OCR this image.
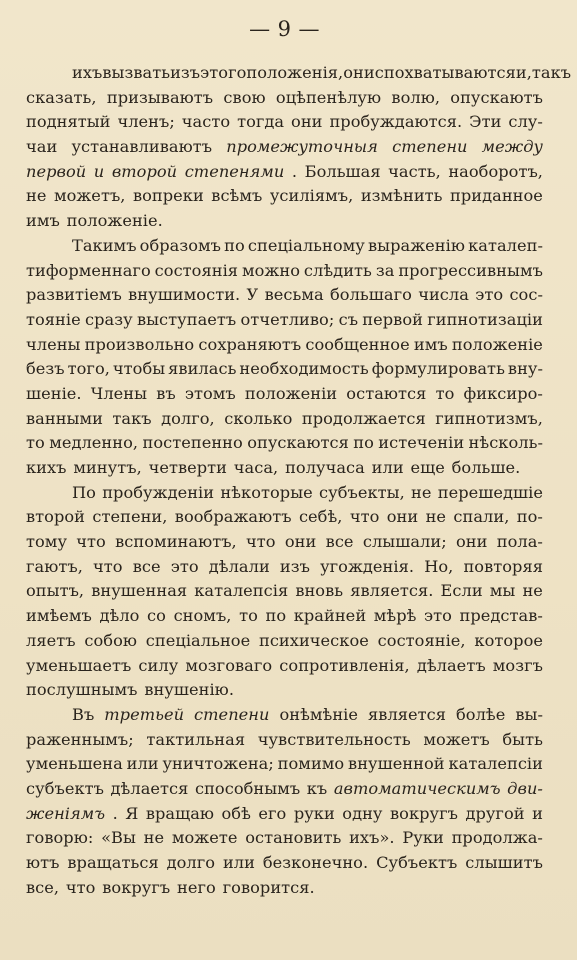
— 9 —
ихъ вызвать изъ этого положенія, они спохватываются и, такъ
сказать, призываютъ свою оцѣпенѣлую волю, опускаютъ
поднятый членъ; часто тогда они пробуждаются. Эти слу-
чаи устанавливаютъ промежуточныя степени между
первой и второй степенями . Большая часть, наоборотъ,
не можетъ, вопреки всѣмъ усиліямъ, измѣнить приданное
имъ положеніе.
Такимъ образомъ по спеціальному выраженію каталеп-
тиформеннаго состоянія можно слѣдить за прогрессивнымъ
развитіемъ внушимости. У весьма большаго числа это сос-
тояніе сразу выступаетъ отчетливо; съ первой гипнотизаціи
члены произвольно сохраняютъ сообщенное имъ положеніе
безъ того, чтобы явилась необходимость формулировать вну-
шеніе. Члены въ этомъ положеніи остаются то фиксиро-
ванными такъ долго, сколько продолжается гипнотизмъ,
то медленно, постепенно опускаются по истеченіи нѣсколь-
кихъ минутъ, четверти часа, получаса или еще больше.
По пробужденіи нѣкоторые субъекты, не перешедшіе
второй степени, воображаютъ себѣ, что они не спали, по-
тому что вспоминаютъ, что они все слышали; они пола-
гаютъ, что все это дѣлали изъ угожденія. Но, повторяя
опытъ, внушенная каталепсія вновь является. Если мы не
имѣемъ дѣло со сномъ, то по крайней мѣрѣ это представ-
ляетъ собою спеціальное психическое состояніе, которое
уменьшаетъ силу мозговаго сопротивленія, дѣлаетъ мозгъ
послушнымъ внушенію.
Въ третьей степени онѣмѣніе является болѣе вы-
раженнымъ; тактильная чувствительность можетъ быть
уменьшена или уничтожена; помимо внушенной каталепсіи
субъектъ дѣлается способнымъ къ автоматическимъ дви-
женіямъ . Я вращаю обѣ его руки одну вокругъ другой и
говорю: «Вы не можете остановить ихъ». Руки продолжа-
ютъ вращаться долго или безконечно. Субъектъ слышитъ
все, что вокругъ него говорится.
